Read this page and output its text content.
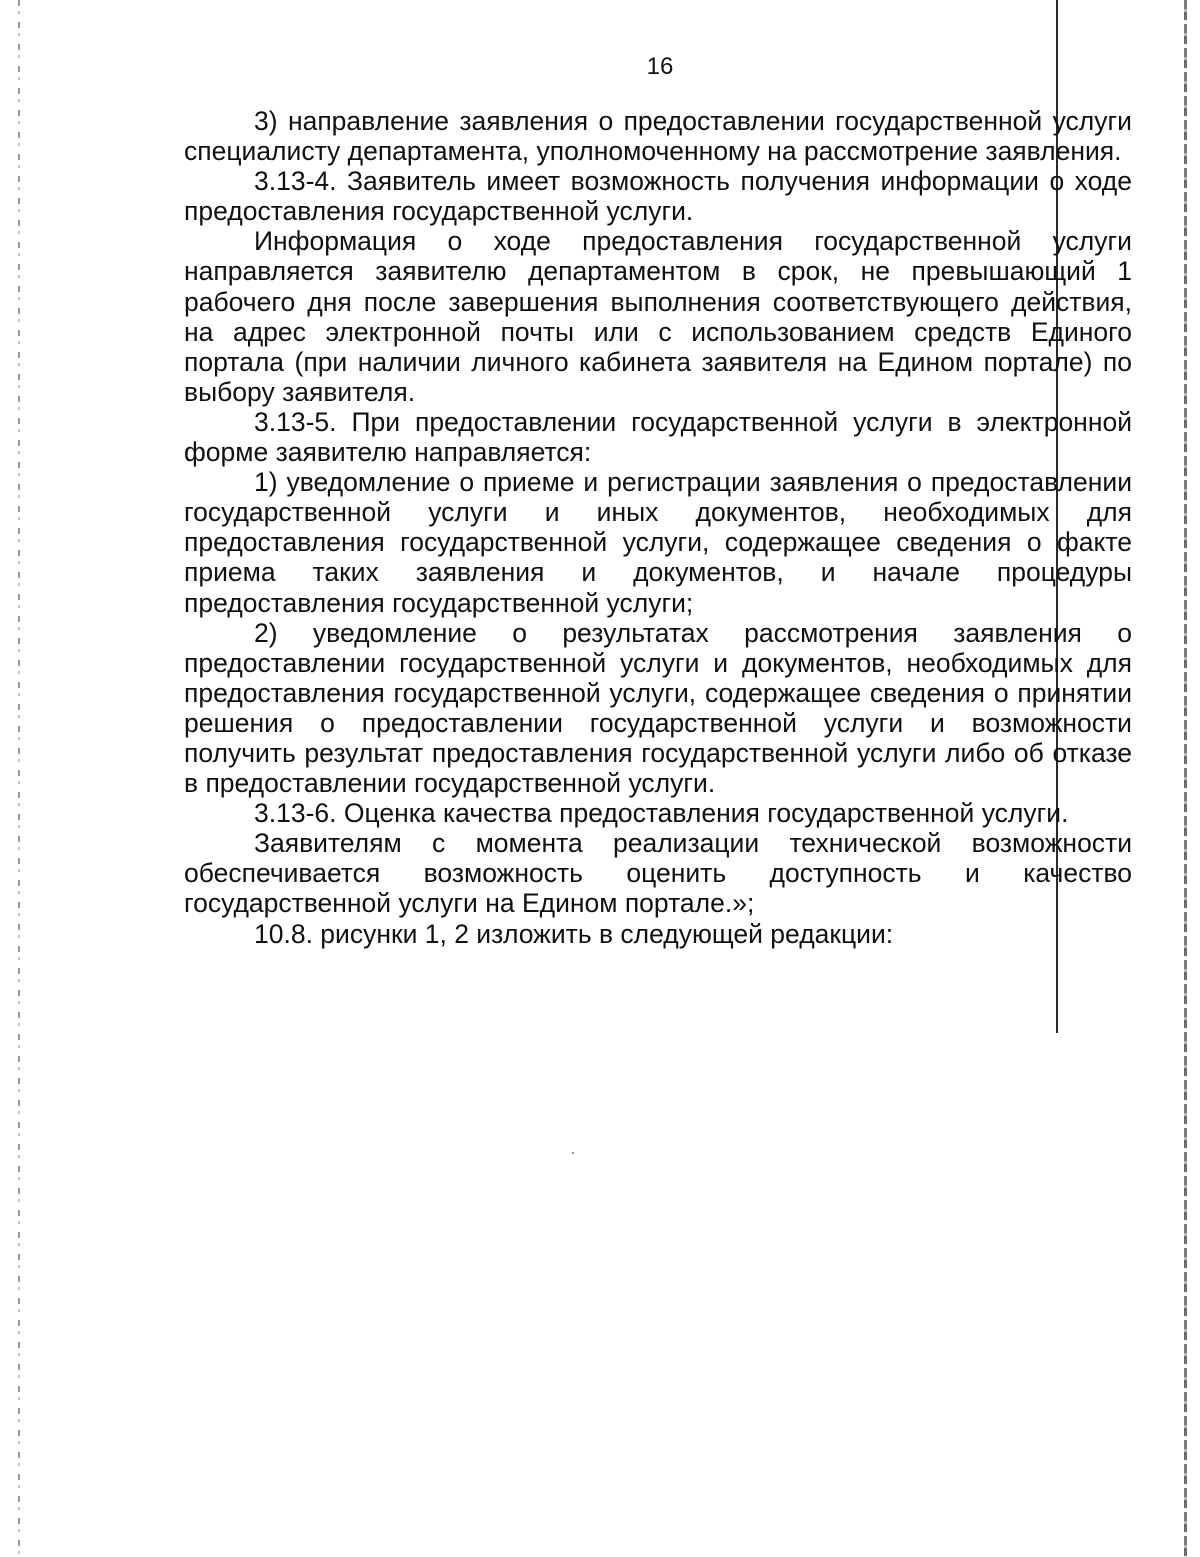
16

3) направление заявления о предоставлении государственной услуги специалисту департамента, уполномоченному на рассмотрение заявления.

3.13-4. Заявитель имеет возможность получения информации о ходе предоставления государственной услуги.

Информация о ходе предоставления государственной услуги направляется заявителю департаментом в срок, не превышающий 1 рабочего дня после завершения выполнения соответствующего действия, на адрес электронной почты или с использованием средств Единого портала (при наличии личного кабинета заявителя на Едином портале) по выбору заявителя.

3.13-5. При предоставлении государственной услуги в электронной форме заявителю направляется:

1) уведомление о приеме и регистрации заявления о предоставлении государственной услуги и иных документов, необходимых для предоставления государственной услуги, содержащее сведения о факте приема таких заявления и документов, и начале процедуры предоставления государственной услуги;

2) уведомление о результатах рассмотрения заявления о предоставлении государственной услуги и документов, необходимых для предоставления государственной услуги, содержащее сведения о принятии решения о предоставлении государственной услуги и возможности получить результат предоставления государственной услуги либо об отказе в предоставлении государственной услуги.

3.13-6. Оценка качества предоставления государственной услуги.

Заявителям с момента реализации технической возможности обеспечивается возможность оценить доступность и качество государственной услуги на Едином портале.»;

10.8. рисунки 1, 2 изложить в следующей редакции:
